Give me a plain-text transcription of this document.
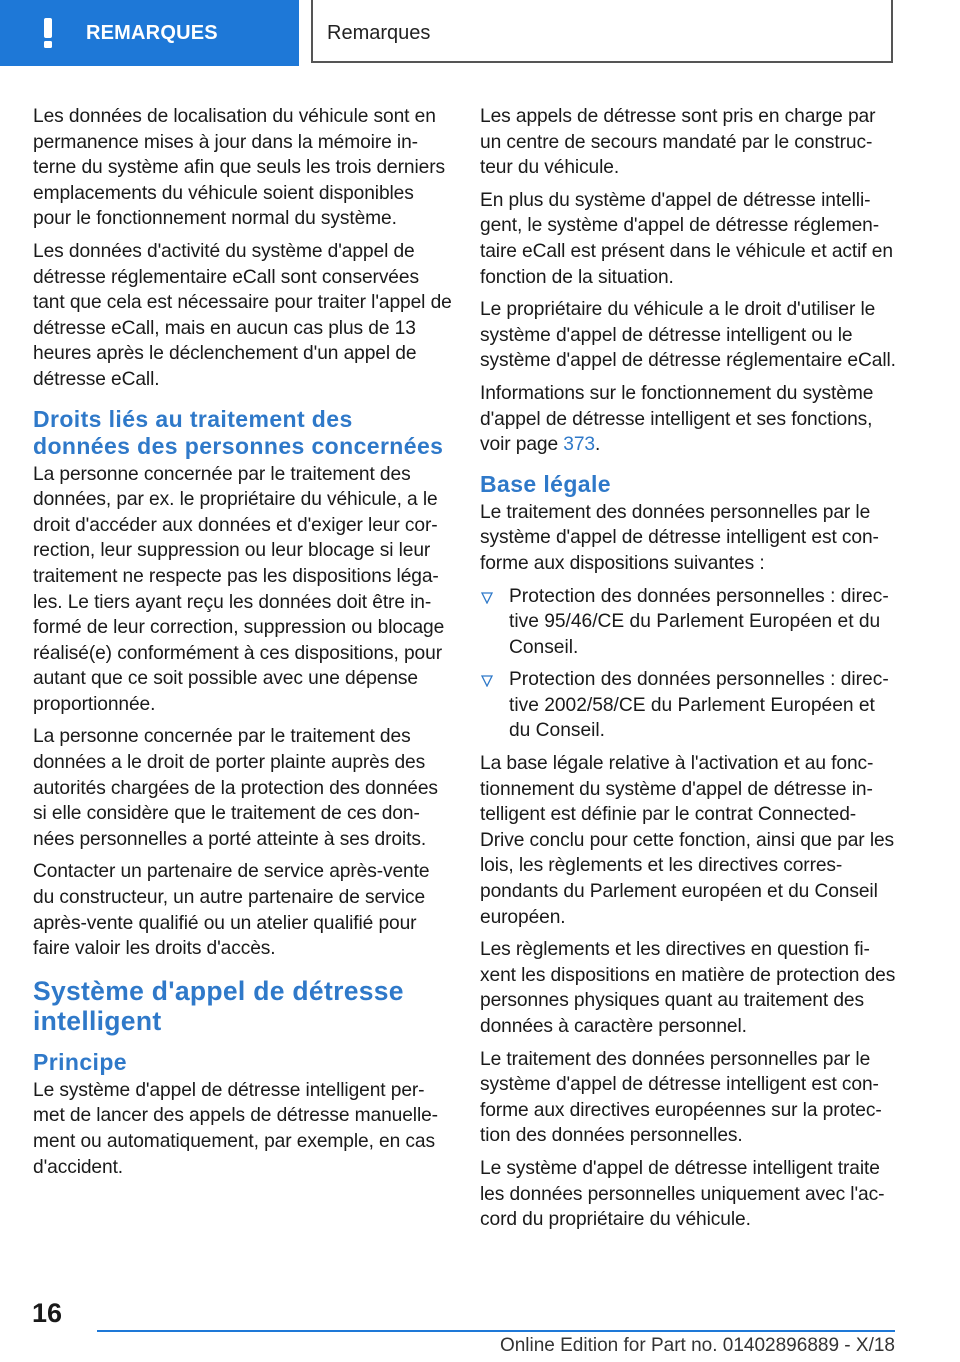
REMARQUES	Remarques

Les données de localisation du véhicule sont en permanence mises à jour dans la mémoire in- terne du système afin que seuls les trois derniers emplacements du véhicule soient disponibles pour le fonctionnement normal du système.

Les données d'activité du système d'appel de détresse réglementaire eCall sont conservées tant que cela est nécessaire pour traiter l'appel de détresse eCall, mais en aucun cas plus de 13 heures après le déclenchement d'un appel de détresse eCall.

Droits liés au traitement des données des personnes concernées

La personne concernée par le traitement des données, par ex. le propriétaire du véhicule, a le droit d'accéder aux données et d'exiger leur cor- rection, leur suppression ou leur blocage si leur traitement ne respecte pas les dispositions léga- les. Le tiers ayant reçu les données doit être in- formé de leur correction, suppression ou blocage réalisé(e) conformément à ces dispositions, pour autant que ce soit possible avec une dépense proportionnée.

La personne concernée par le traitement des données a le droit de porter plainte auprès des autorités chargées de la protection des données si elle considère que le traitement de ces don- nées personnelles a porté atteinte à ses droits.

Contacter un partenaire de service après-vente du constructeur, un autre partenaire de service après-vente qualifié ou un atelier qualifié pour faire valoir les droits d'accès.

Système d'appel de détresse intelligent
Principe

Le système d'appel de détresse intelligent per- met de lancer des appels de détresse manuelle- ment ou automatiquement, par exemple, en cas d'accident.

Les appels de détresse sont pris en charge par un centre de secours mandaté par le construc- teur du véhicule.

En plus du système d'appel de détresse intelli- gent, le système d'appel de détresse réglemen- taire eCall est présent dans le véhicule et actif en fonction de la situation.

Le propriétaire du véhicule a le droit d'utiliser le système d'appel de détresse intelligent ou le système d'appel de détresse réglementaire eCall.

Informations sur le fonctionnement du système d'appel de détresse intelligent et ses fonctions, voir page 373.

Base légale

Le traitement des données personnelles par le système d'appel de détresse intelligent est con- forme aux dispositions suivantes :

Protection des données personnelles : direc- tive 95/46/CE du Parlement Européen et du Conseil.
Protection des données personnelles : direc- tive 2002/58/CE du Parlement Européen et du Conseil.

La base légale relative à l'activation et au fonc- tionnement du système d'appel de détresse in- telligent est définie par le contrat Connected- Drive conclu pour cette fonction, ainsi que par les lois, les règlements et les directives corres- pondants du Parlement européen et du Conseil européen.

Les règlements et les directives en question fi- xent les dispositions en matière de protection des personnes physiques quant au traitement des données à caractère personnel.

Le traitement des données personnelles par le système d'appel de détresse intelligent est con- forme aux directives européennes sur la protec- tion des données personnelles.

Le système d'appel de détresse intelligent traite les données personnelles uniquement avec l'ac- cord du propriétaire du véhicule.

16
Online Edition for Part no. 01402896889 - X/18
